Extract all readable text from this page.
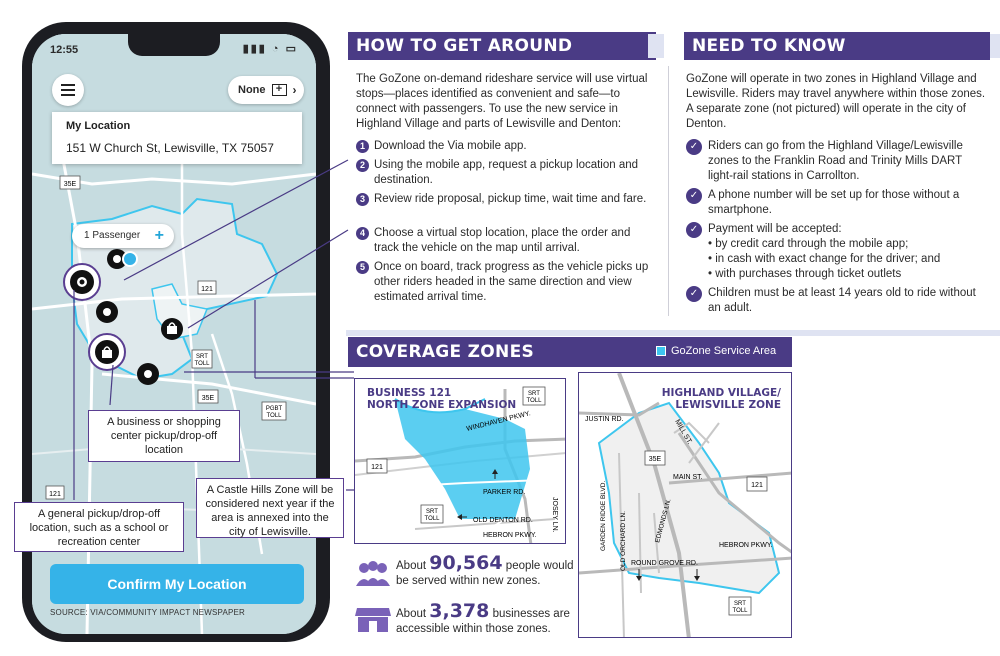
35E
121
SRT
TOLL
35E
PGBT
TOLL
121
12:55	▮▮▮ ◔ ▭
None + ›
My Location
151 W Church St, Lewisville, TX 75057
1 Passenger +
Confirm My Location
SOURCE: VIA/COMMUNITY IMPACT NEWSPAPER
A business or shopping center pickup/drop-off location
A general pickup/drop-off location, such as a school or recreation center
A Castle Hills Zone will be considered next year if the area is annexed into the city of Lewisville.
HOW TO GET AROUND
The GoZone on-demand rideshare service will use virtual stops—places identified as convenient and safe—to connect with passengers. To use the new service in Highland Village and parts of Lewisville and Denton:
1 Download the Via mobile app.
2 Using the mobile app, request a pickup location and destination.
3 Review ride proposal, pickup time, wait time and fare.
4 Choose a virtual stop location, place the order and track the vehicle on the map until arrival.
5 Once on board, track progress as the vehicle picks up other riders headed in the same direction and view estimated arrival time.
NEED TO KNOW
GoZone will operate in two zones in Highland Village and Lewisville. Riders may travel anywhere within those zones. A separate zone (not pictured) will operate in the city of Denton.
✓ Riders can go from the Highland Village/Lewisville zones to the Franklin Road and Trinity Mills DART light-rail stations in Carrollton.
✓ A phone number will be set up for those without a smartphone.
✓ Payment will be accepted:
• by credit card through the mobile app;
• in cash with exact change for the driver; and
• with purchases through ticket outlets
✓ Children must be at least 14 years old to ride without an adult.
COVERAGE ZONES	GoZone Service Area
SRT
TOLL
121
SRT
TOLL
WINDHAVEN PKWY.
PARKER RD.
OLD DENTON RD.
HEBRON PKWY.
JOSEY LN.
BUSINESS 121
NORTH ZONE EXPANSION
35E
121
SRT
TOLL
JUSTIN RD.	MILL ST.
MAIN ST.
GARDEN RIDGE BLVD. OLD ORCHARD LN.	EDMONDS LN.
HEBRON PKWY.
ROUND GROVE RD.
HIGHLAND VILLAGE/
LEWISVILLE ZONE
About 90,564 people would
be served within new zones.
About 3,378 businesses are
accessible within those zones.
